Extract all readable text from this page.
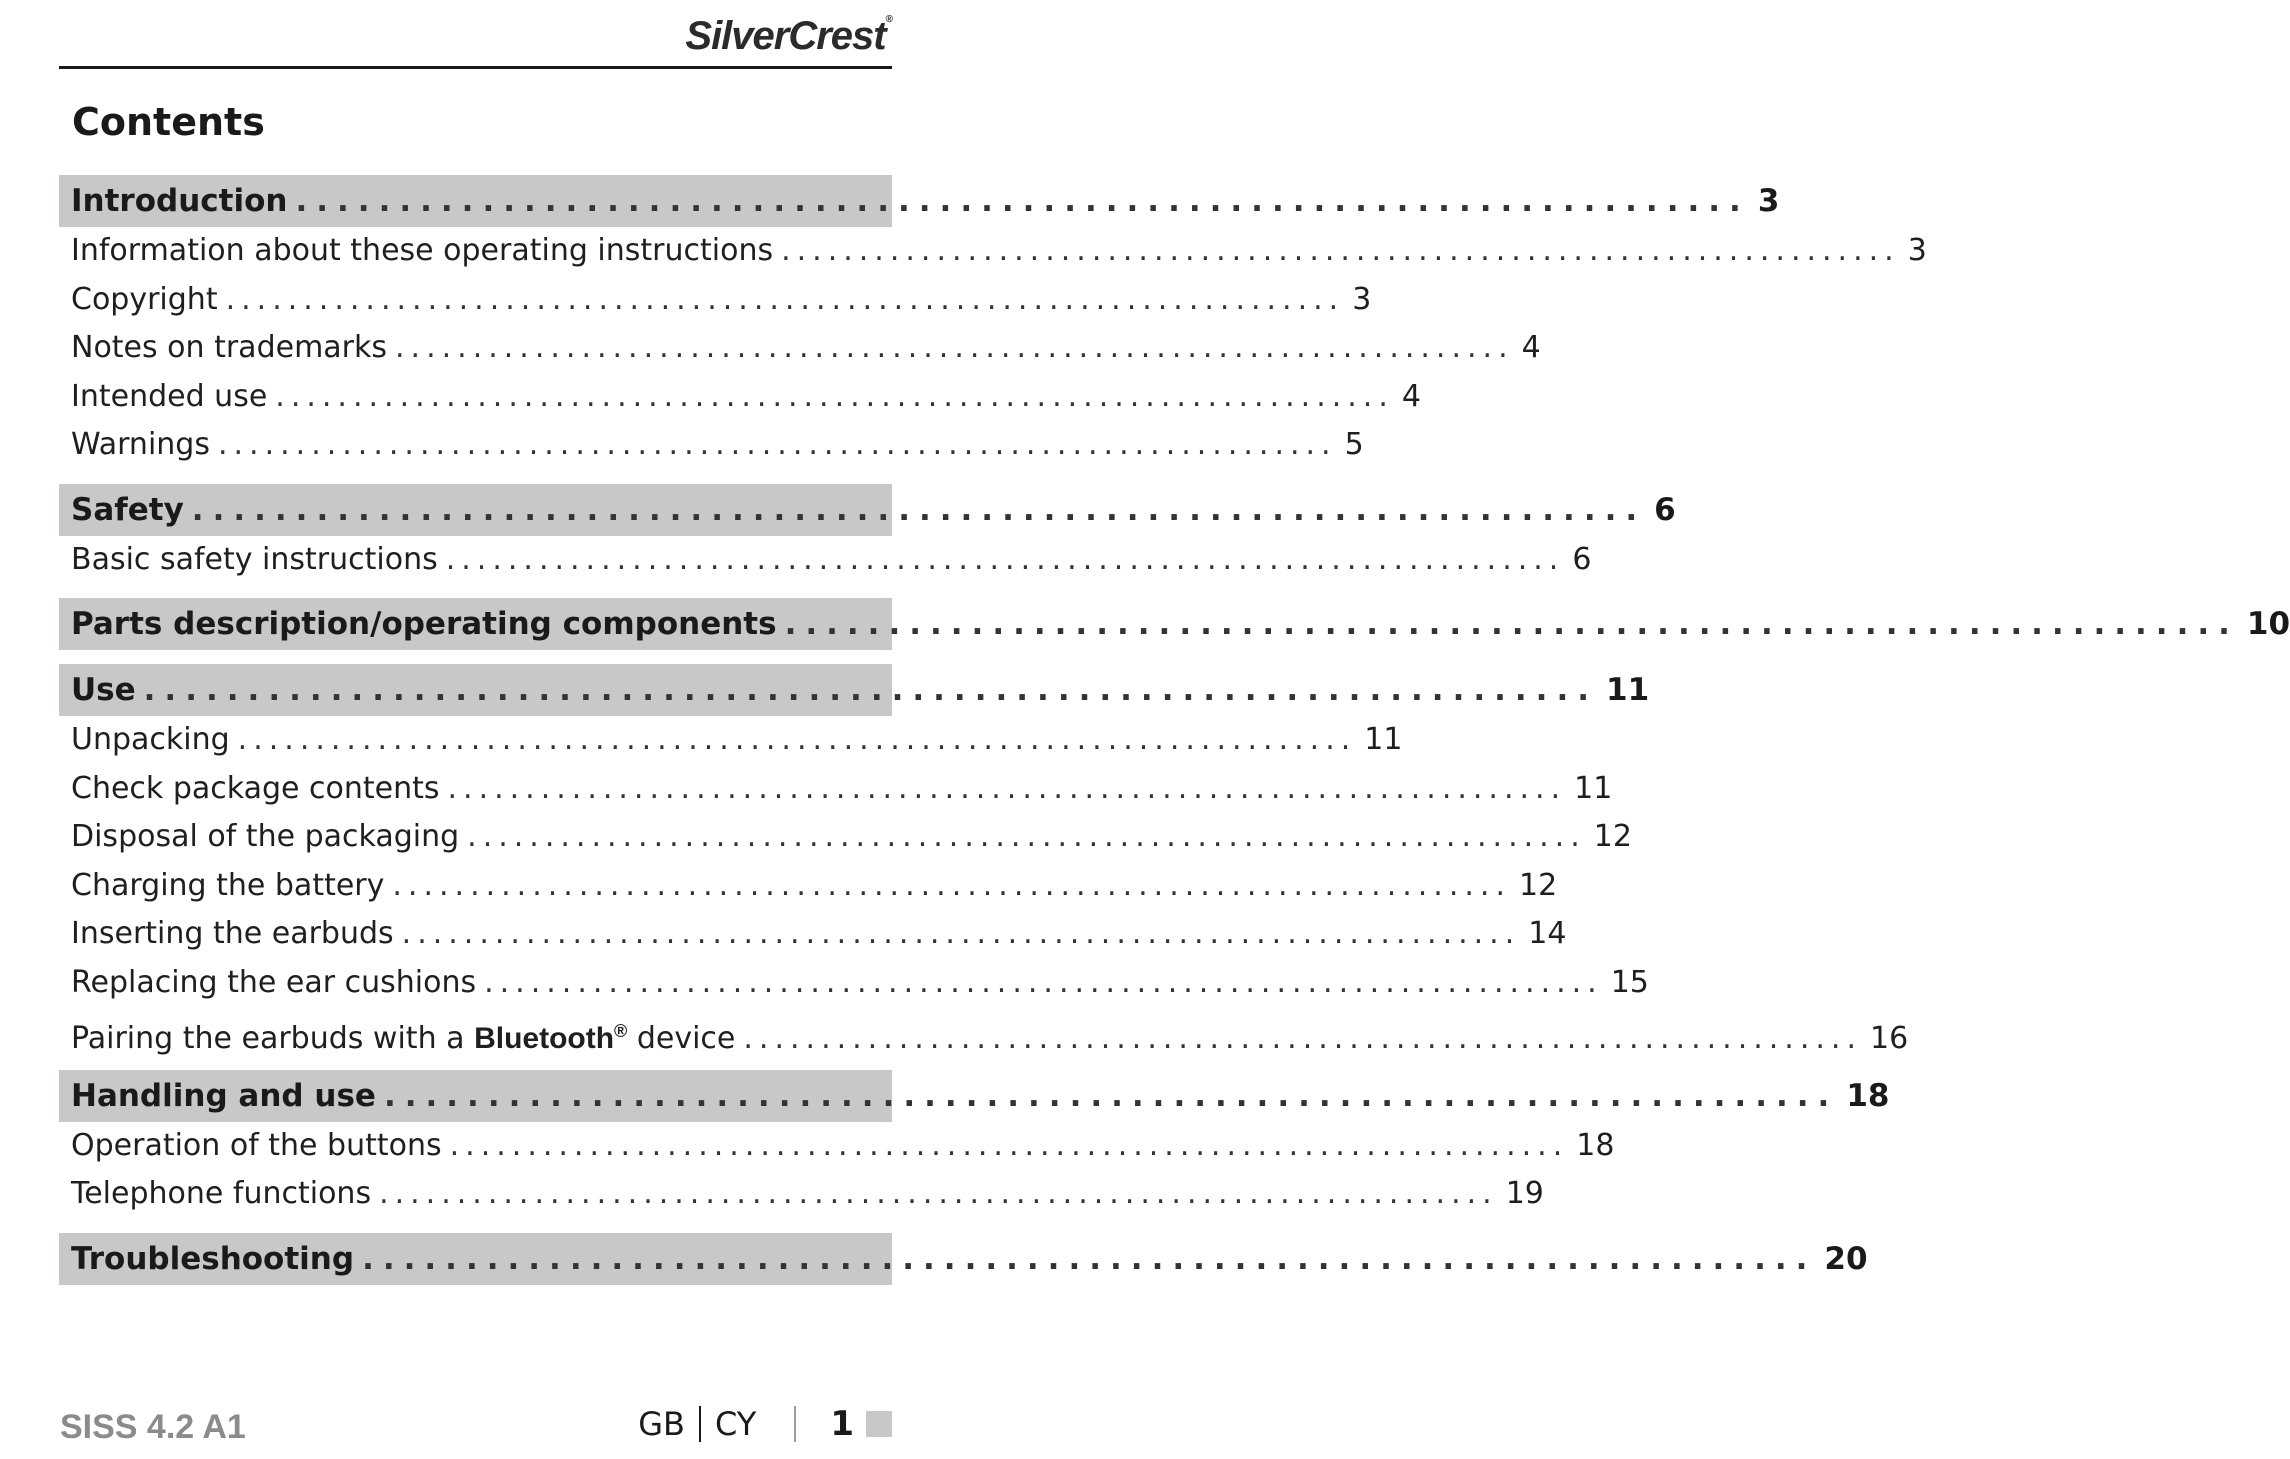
SilverCrest®
Contents
Introduction ...................................................................... 3
Information about these operating instructions ........................................................................ 3
Copyright ........................................................................ 3
Notes on trademarks ........................................................................ 4
Intended use ........................................................................ 4
Warnings ........................................................................ 5
Safety ...................................................................... 6
Basic safety instructions ........................................................................ 6
Parts description/operating components ...................................................................... 10
Use ...................................................................... 11
Unpacking ........................................................................ 11
Check package contents ........................................................................ 11
Disposal of the packaging ........................................................................ 12
Charging the battery ........................................................................ 12
Inserting the earbuds ........................................................................ 14
Replacing the ear cushions ........................................................................ 15
Pairing the earbuds with a Bluetooth® device ........................................................................ 16
Handling and use ...................................................................... 18
Operation of the buttons ........................................................................ 18
Telephone functions ........................................................................ 19
Troubleshooting ...................................................................... 20
SISS 4.2 A1	GB CY 1
